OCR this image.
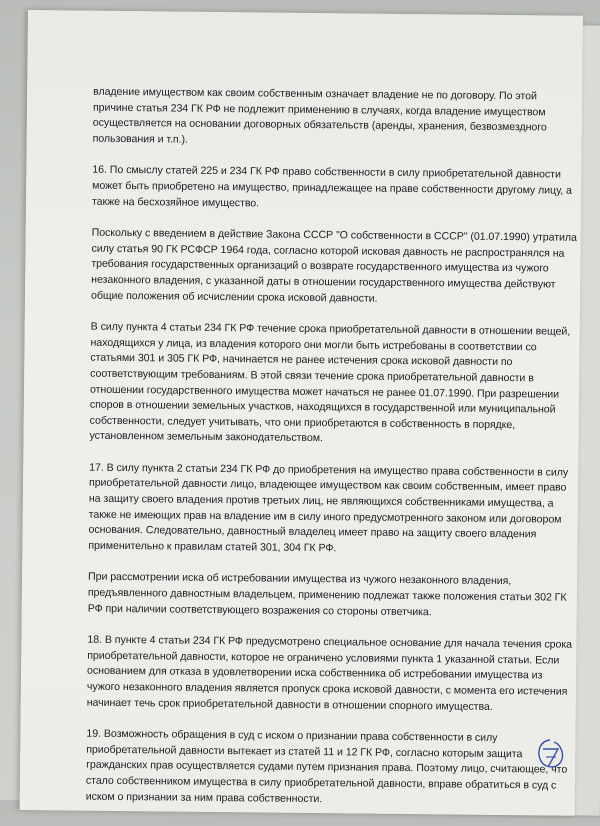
владение имуществом как своим собственным означает владение не по договору. По этой причине статья 234 ГК РФ не подлежит применению в случаях, когда владение имуществом осуществляется на основании договорных обязательств (аренды, хранения, безвозмездного пользования и т.п.).

16. По смыслу статей 225 и 234 ГК РФ право собственности в силу приобретательной давности может быть приобретено на имущество, принадлежащее на праве собственности другому лицу, а также на бесхозяйное имущество.

Поскольку с введением в действие Закона СССР "О собственности в СССР" (01.07.1990) утратила силу статья 90 ГК РСФСР 1964 года, согласно которой исковая давность не распространялся на требования государственных организаций о возврате государственного имущества из чужого незаконного владения, с указанной даты в отношении государственного имущества действуют общие положения об исчислении срока исковой давности.

В силу пункта 4 статьи 234 ГК РФ течение срока приобретательной давности в отношении вещей, находящихся у лица, из владения которого они могли быть истребованы в соответствии со статьями 301 и 305 ГК РФ, начинается не ранее истечения срока исковой давности по соответствующим требованиям. В этой связи течение срока приобретательной давности в отношении государственного имущества может начаться не ранее 01.07.1990. При разрешении споров в отношении земельных участков, находящихся в государственной или муниципальной собственности, следует учитывать, что они приобретаются в собственность в порядке, установленном земельным законодательством.

17. В силу пункта 2 статьи 234 ГК РФ до приобретения на имущество права собственности в силу приобретательной давности лицо, владеющее имуществом как своим собственным, имеет право на защиту своего владения против третьих лиц, не являющихся собственниками имущества, а также не имеющих прав на владение им в силу иного предусмотренного законом или договором основания. Следовательно, давностный владелец имеет право на защиту своего владения применительно к правилам статей 301, 304 ГК РФ.

При рассмотрении иска об истребовании имущества из чужого незаконного владения, предъявленного давностным владельцем, применению подлежат также положения статьи 302 ГК РФ при наличии соответствующего возражения со стороны ответчика.

18. В пункте 4 статьи 234 ГК РФ предусмотрено специальное основание для начала течения срока приобретательной давности, которое не ограничено условиями пункта 1 указанной статьи. Если основанием для отказа в удовлетворении иска собственника об истребовании имущества из чужого незаконного владения является пропуск срока исковой давности, с момента его истечения начинает течь срок приобретательной давности в отношении спорного имущества.

19. Возможность обращения в суд с иском о признании права собственности в силу приобретательной давности вытекает из статей 11 и 12 ГК РФ, согласно которым защита гражданских прав осуществляется судами путем признания права. Поэтому лицо, считающее, что стало собственником имущества в силу приобретательной давности, вправе обратиться в суд с иском о признании за ним права собственности.
